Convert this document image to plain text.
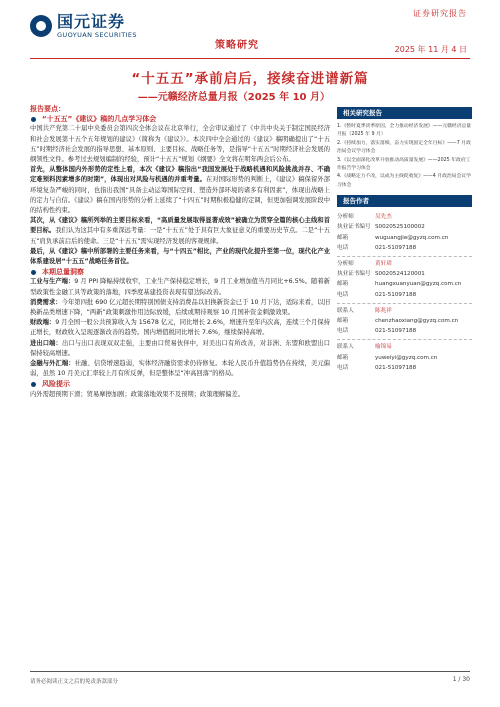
国元证券
GUOYUAN SECURITIES
策略研究
证券研究报告
2025 年 11 月 4 日
“十五五”承前启后，接续奋进谱新篇
——元赣经济总量月报（2025 年 10 月）
报告要点：
“十五五”《建议》稿的几点学习体会
中国共产党第二十届中央委员会第四次全体会议在北京举行，全会审议通过了《中共中央关于制定国民经济和社会发展第十五个五年规划的建议》（简称为《建议》）。本次四中全会通过的《建议》稿明确提出了“十五五”时期经济社会发展的指导思想、基本原则、主要目标、战略任务等，是指导“十五五”时期经济社会发展的纲领性文件。参考过去规划编制的经验，预计“十五五”规划《纲要》全文将在明年两会后公布。
首先，从整体国内外形势的定性上看，本次《建议》稿指出“我国发展处于战略机遇和风险挑战并存、不确定难预料因素增多的时期”，体现出对风险与机遇的并重考量。在对国际形势的判断上，《建议》稿保留外部环境复杂严峻的同时，也指出我国“具备主动运筹国际空间、塑造外部环境的诸多有利因素”，体现出战略上的定力与自信。《建议》稿在国内形势的分析上延续了“十四五”时期积极稳健的定调，但更加强调发展阶段中的结构性约束。
其次，从《建议》稿所列举的主要目标来看，“高质量发展取得显著成效”被确立为贯穿全篇的核心主线和首要目标。我们认为这其中有多重深远考量：一是“十五五”处于具有巨大象征意义的重要历史节点。二是“十五五”肩负承前启后的使命。三是“十五五”需实现经济发展的客观规律。
最后，从《建议》稿中所部署的主要任务来看，与“十四五”相比，产业的现代化提升至第一位，现代化产业体系建设居“十五五”战略任务首位。
本期总量洞察
工业与生产端：9 月 PPI 降幅持续收窄，工业生产保持稳定增长，9 月工业增加值当月同比+6.5%。随着新型政策性金融工具等政策的落地，四季度基建投资表现有望边际改善。
消费需求：今年第四批 690 亿元超长期特别国债支持消费品以旧换新资金已于 10 月下达，适际来看，以旧换新品类增速下降，“两新”政策刺激作用边际放缓，后续或期待观察 10 月国补资金刺激效果。
财政端：9 月全国一般公共预算收入为 15678 亿元，同比增长 2.6%，增速升至年内次高，连续三个月保持正增长，财政收入呈现逐渐改善的趋势。国内增值税同比增长 7.6%，继续保持高增。
进出口端：出口与出口表现双双走强，主要由口贸易伙伴中，对美出口有所改善，对非洲、东盟和欧盟出口保持较高增速。
金融与外汇端：社融、信贷增速趋弱，实体经济融资需求仍待修复。本轮人民币升值趋势仍在持续，美元偏弱，虽然 10 月美元汇率较上月有所反弹，但是整体呈“冲高回落”的格局。
风险提示
内外需超预期下滑；贸易摩擦加剧；政策落地效果不及预期；政策理解偏差。
相关研究报告
1.《暂时夏季淡季原因，全力推动经济发展》——元赣经济总量月报（2025 年 9 月）
2.《持续加力，落实落细，奋力实现固定全年目标》——7 月政治局会议学习体会
3.《以全面深化改革开放推动高质量发展》——2025 年政府工作报告学习体会
4.《战略定力不改，以成为主线促收复》——4 月政治局会议学习体会
报告作者
分析师	吴先杰
执业证书编号 S0020525100002
邮箱	wuguangjie@gyzq.com.cn
电话	021-51097188
分析师	黄轩珺
执业证书编号 S0020524120001
邮箱	huangxuanyuan@gyzq.com.cn
电话	021-51097188
联系人	陈兆祥
邮箱	chenzhaoxiang@gyzq.com.cn
电话	021-51097188
联系人	喻锦易
邮箱	yuweiyi@gyzq.com.cn
电话	021-51097188
请务必阅读正文之后的免责条款部分	1 / 30
